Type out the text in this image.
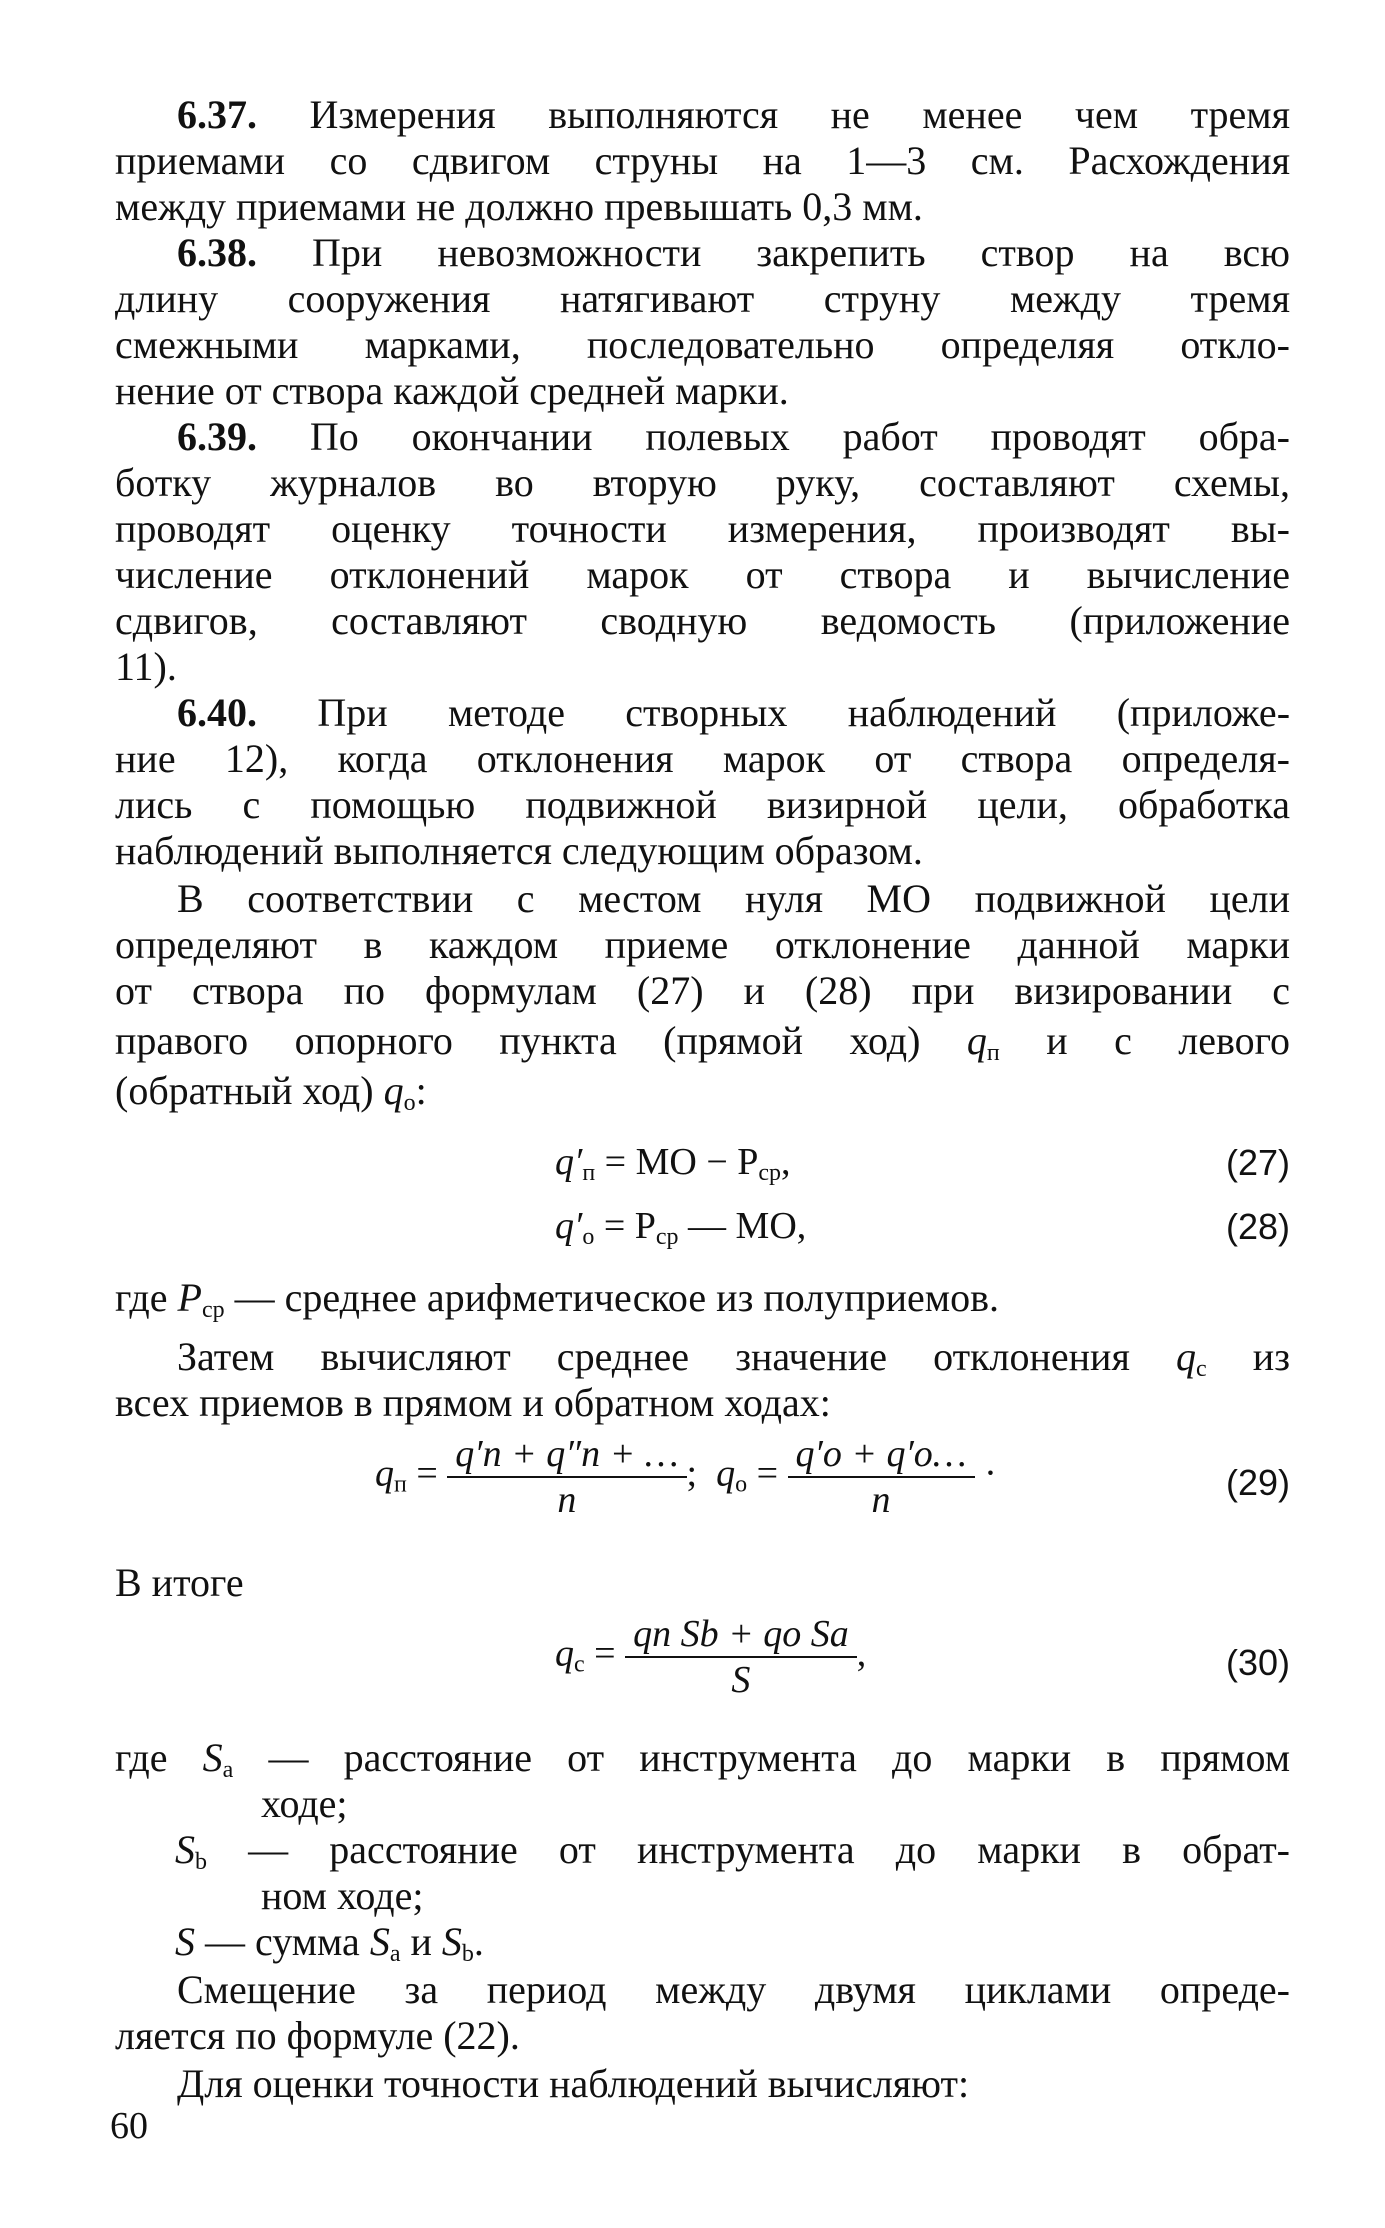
6.37. Измерения выполняются не менее чем тремя
приемами со сдвигом струны на 1—3 см. Расхождения
между приемами не должно превышать 0,3 мм.
6.38. При невозможности закрепить створ на всю
длину сооружения натягивают струну между тремя
смежными марками, последовательно определяя откло-
нение от створа каждой средней марки.
6.39. По окончании полевых работ проводят обра-
ботку журналов во вторую руку, составляют схемы,
проводят оценку точности измерения, производят вы-
числение отклонений марок от створа и вычисление
сдвигов, составляют сводную ведомость (приложение
11).
6.40. При методе створных наблюдений (приложе-
ние 12), когда отклонения марок от створа определя-
лись с помощью подвижной визирной цели, обработка
наблюдений выполняется следующим образом.
В соответствии с местом нуля МО подвижной цели
определяют в каждом приеме отклонение данной марки
от створа по формулам (27) и (28) при визировании с
правого опорного пункта (прямой ход) $q_п$ и с левого
(обратный ход) $q_о$:
$q'_п$ = МО − $P_{ср}$,	(27)
$q'_о = P_{ср}$ — МО,	(28)
где $P_{ср}$ — среднее арифметическое из полуприемов.
Затем вычисляют среднее значение отклонения $q_c$ из
всех приемов в прямом и обратном ходах:
$q_п = \frac{q'п + q''п + \dots}{n}$ ; $q_о = \frac{q'о + q'о\dots}{n}$ ·	(29)
В итоге
$q_c = \frac{\text{qп Sb + qо Sa}}{S}$ ,	(30)
где $S_a$ — расстояние от инструмента до марки в прямом
ходе;
$S_b$ — расстояние от инструмента до марки в обрат-
ном ходе;
S — сумма $S_a$ и $S_b$.
Смещение за период между двумя циклами опреде-
ляется по формуле (22).
Для оценки точности наблюдений вычисляют:
60
